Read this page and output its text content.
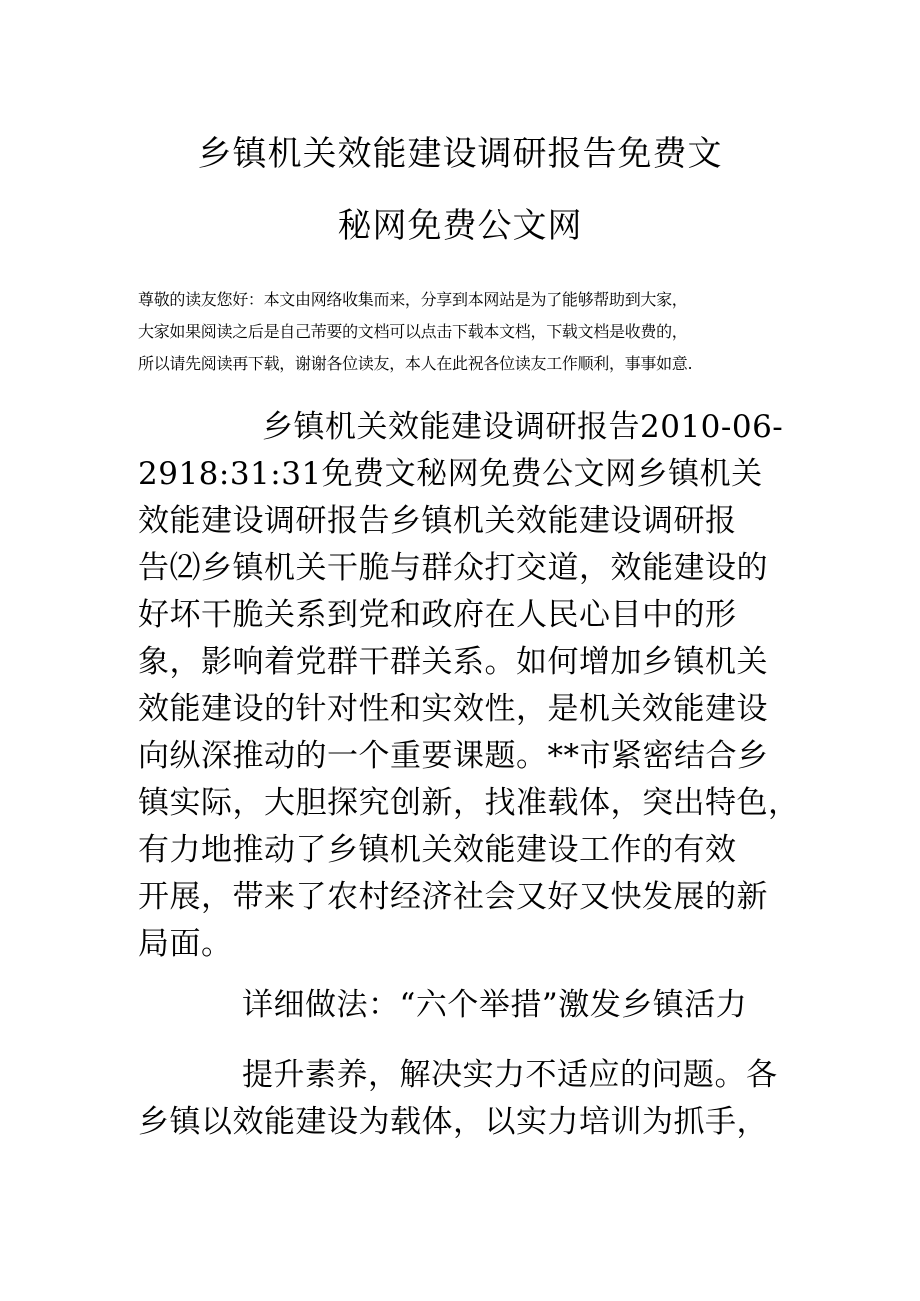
乡镇机关效能建设调研报告免费文
秘网免费公文网
尊敬的读友您好：本文由网络收集而来，分享到本网站是为了能够帮助到大家，
大家如果阅读之后是自己芾要的文档可以点击下载本文档，下载文档是收费的，
所以请先阅读再下载，谢谢各位读友，本人在此祝各位读友工作顺利，事事如意.
乡镇机关效能建设调研报告2010-06-
2918:31:31免费文秘网免费公文网乡镇机关
效能建设调研报告乡镇机关效能建设调研报
告⑵乡镇机关干脆与群众打交道，效能建设的
好坏干脆关系到党和政府在人民心目中的形
象，影响着党群干群关系。如何增加乡镇机关
效能建设的针对性和实效性，是机关效能建设
向纵深推动的一个重要课题。**市紧密结合乡
镇实际，大胆探究创新，找准载体，突出特色，
有力地推动了乡镇机关效能建设工作的有效
开展，带来了农村经济社会又好又快发展的新
局面。
详细做法：“六个举措”激发乡镇活力
提升素养，解决实力不适应的问题。各
乡镇以效能建设为载体，以实力培训为抓手，
